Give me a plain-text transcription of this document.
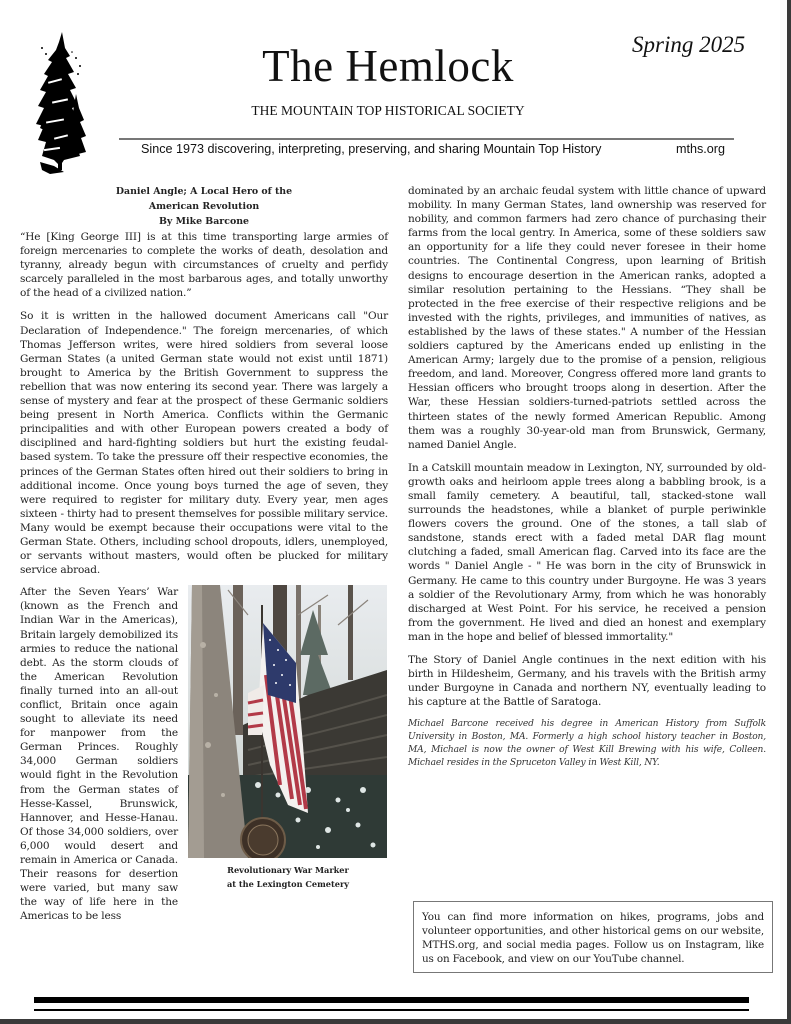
The Hemlock	Spring 2025
THE MOUNTAIN TOP HISTORICAL SOCIETY
Since 1973 discovering, interpreting, preserving, and sharing Mountain Top History	mths.org
Daniel Angle; A Local Hero of the
American Revolution
By Mike Barcone

“He [King George III] is at this time transporting large armies of foreign mercenaries to complete the works of death, desolation and tyranny, already begun with circumstances of cruelty and perfidy scarcely paralleled in the most barbarous ages, and totally unworthy of the head of a civilized nation.”

So it is written in the hallowed document Americans call "Our Declaration of Independence." The foreign mercenaries, of which Thomas Jefferson writes, were hired soldiers from several loose German States (a united German state would not exist until 1871) brought to America by the British Government to suppress the rebellion that was now entering its second year. There was largely a sense of mystery and fear at the prospect of these Germanic soldiers being present in North America. Conflicts within the Germanic principalities and with other European powers created a body of disciplined and hard-fighting soldiers but hurt the existing feudal-based system. To take the pressure off their respective economies, the princes of the German States often hired out their soldiers to bring in additional income. Once young boys turned the age of seven, they were required to register for military duty. Every year, men ages sixteen - thirty had to present themselves for possible military service. Many would be exempt because their occupations were vital to the German State. Others, including school dropouts, idlers, unemployed, or servants without masters, would often be plucked for military service abroad.

Revolutionary War Marker
at the Lexington Cemetery

After the Seven Years’ War (known as the French and Indian War in the Americas), Britain largely demobilized its armies to reduce the national debt. As the storm clouds of the American Revolution finally turned into an all-out conflict, Britain once again sought to alleviate its need for manpower from the German Princes. Roughly 34,000 German soldiers would fight in the Revolution from the German states of Hesse-Kassel, Brunswick, Hannover, and Hesse-Hanau. Of those 34,000 soldiers, over 6,000 would desert and remain in America or Canada. Their reasons for desertion were varied, but many saw the way of life here in the Americas to be less

dominated by an archaic feudal system with little chance of upward mobility. In many German States, land ownership was reserved for nobility, and common farmers had zero chance of purchasing their farms from the local gentry. In America, some of these soldiers saw an opportunity for a life they could never foresee in their home countries. The Continental Congress, upon learning of British designs to encourage desertion in the American ranks, adopted a similar resolution pertaining to the Hessians. “They shall be protected in the free exercise of their respective religions and be invested with the rights, privileges, and immunities of natives, as established by the laws of these states." A number of the Hessian soldiers captured by the Americans ended up enlisting in the American Army; largely due to the promise of a pension, religious freedom, and land. Moreover, Congress offered more land grants to Hessian officers who brought troops along in desertion. After the War, these Hessian soldiers-turned-patriots settled across the thirteen states of the newly formed American Republic. Among them was a roughly 30-year-old man from Brunswick, Germany, named Daniel Angle.

In a Catskill mountain meadow in Lexington, NY, surrounded by old-growth oaks and heirloom apple trees along a babbling brook, is a small family cemetery. A beautiful, tall, stacked-stone wall surrounds the headstones, while a blanket of purple periwinkle flowers covers the ground. One of the stones, a tall slab of sandstone, stands erect with a faded metal DAR flag mount clutching a faded, small American flag. Carved into its face are the words " Daniel Angle - " He was born in the city of Brunswick in Germany. He came to this country under Burgoyne. He was 3 years a soldier of the Revolutionary Army, from which he was honorably discharged at West Point. For his service, he received a pension from the government. He lived and died an honest and exemplary man in the hope and belief of blessed immortality."

The Story of Daniel Angle continues in the next edition with his birth in Hildesheim, Germany, and his travels with the British army under Burgoyne in Canada and northern NY, eventually leading to his capture at the Battle of Saratoga.

Michael Barcone received his degree in American History from Suffolk University in Boston, MA. Formerly a high school history teacher in Boston, MA, Michael is now the owner of West Kill Brewing with his wife, Colleen. Michael resides in the Spruceton Valley in West Kill, NY.

You can find more information on hikes, programs, jobs and volunteer opportunities, and other historical gems on our website, MTHS.org, and social media pages. Follow us on Instagram, like us on Facebook, and view on our YouTube channel.
